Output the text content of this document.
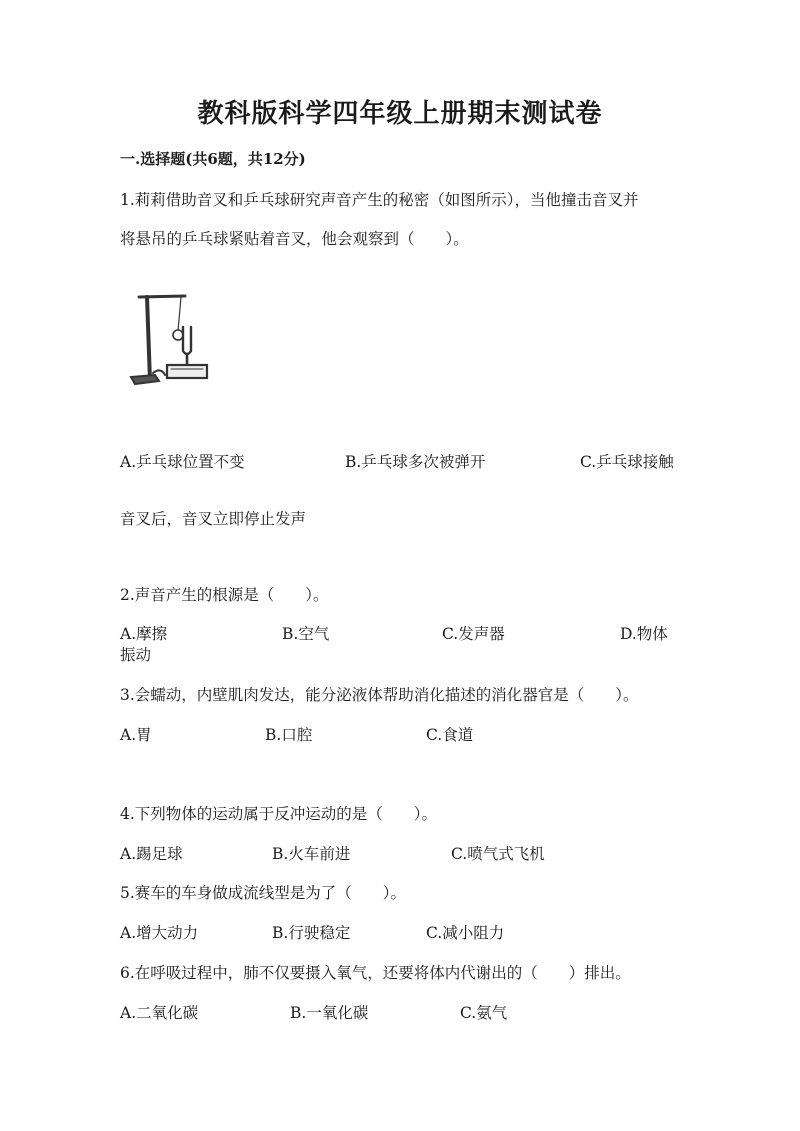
教科版科学四年级上册期末测试卷
一.选择题(共6题，共12分)
1.莉莉借助音叉和乒乓球研究声音产生的秘密（如图所示），当他撞击音叉并
将悬吊的乒乓球紧贴着音叉，他会观察到（　　）。
A.乒乓球位置不变	B.乒乓球多次被弹开	C.乒乓球接触
音叉后，音叉立即停止发声
2.声音产生的根源是（　　）。
A.摩擦	B.空气	C.发声器	D.物体
振动
3.会蠕动，内壁肌肉发达，能分泌液体帮助消化描述的消化器官是（　　）。
A.胃	B.口腔	C.食道
4.下列物体的运动属于反冲运动的是（　　）。
A.踢足球	B.火车前进	C.喷气式飞机
5.赛车的车身做成流线型是为了（　　）。
A.增大动力	B.行驶稳定	C.减小阻力
6.在呼吸过程中，肺不仅要摄入氧气，还要将体内代谢出的（　　）排出。
A.二氧化碳	B.一氧化碳	C.氨气
